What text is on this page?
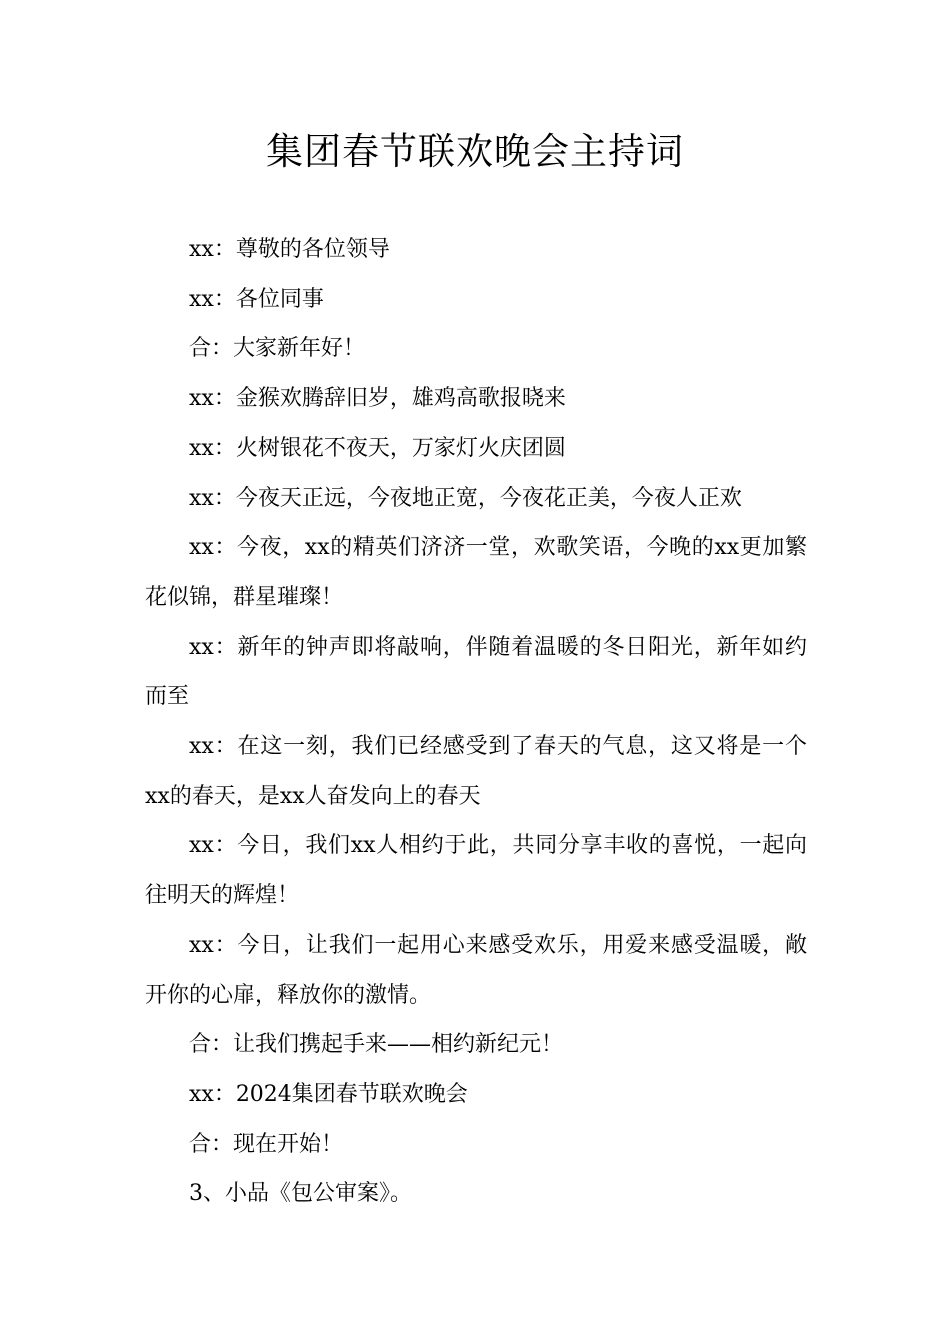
集团春节联欢晚会主持词

xx：尊敬的各位领导

xx：各位同事

合：大家新年好！

xx：金猴欢腾辞旧岁，雄鸡高歌报晓来

xx：火树银花不夜天，万家灯火庆团圆

xx：今夜天正远，今夜地正宽，今夜花正美，今夜人正欢

xx：今夜，xx的精英们济济一堂，欢歌笑语，今晚的xx更加繁花似锦，群星璀璨！

xx：新年的钟声即将敲响，伴随着温暖的冬日阳光，新年如约而至

xx：在这一刻，我们已经感受到了春天的气息，这又将是一个xx的春天，是xx人奋发向上的春天

xx：今日，我们xx人相约于此，共同分享丰收的喜悦，一起向往明天的辉煌！

xx：今日，让我们一起用心来感受欢乐，用爱来感受温暖，敞开你的心扉，释放你的激情。

合：让我们携起手来——相约新纪元！

xx：2024集团春节联欢晚会

合：现在开始！

3、小品《包公审案》。
